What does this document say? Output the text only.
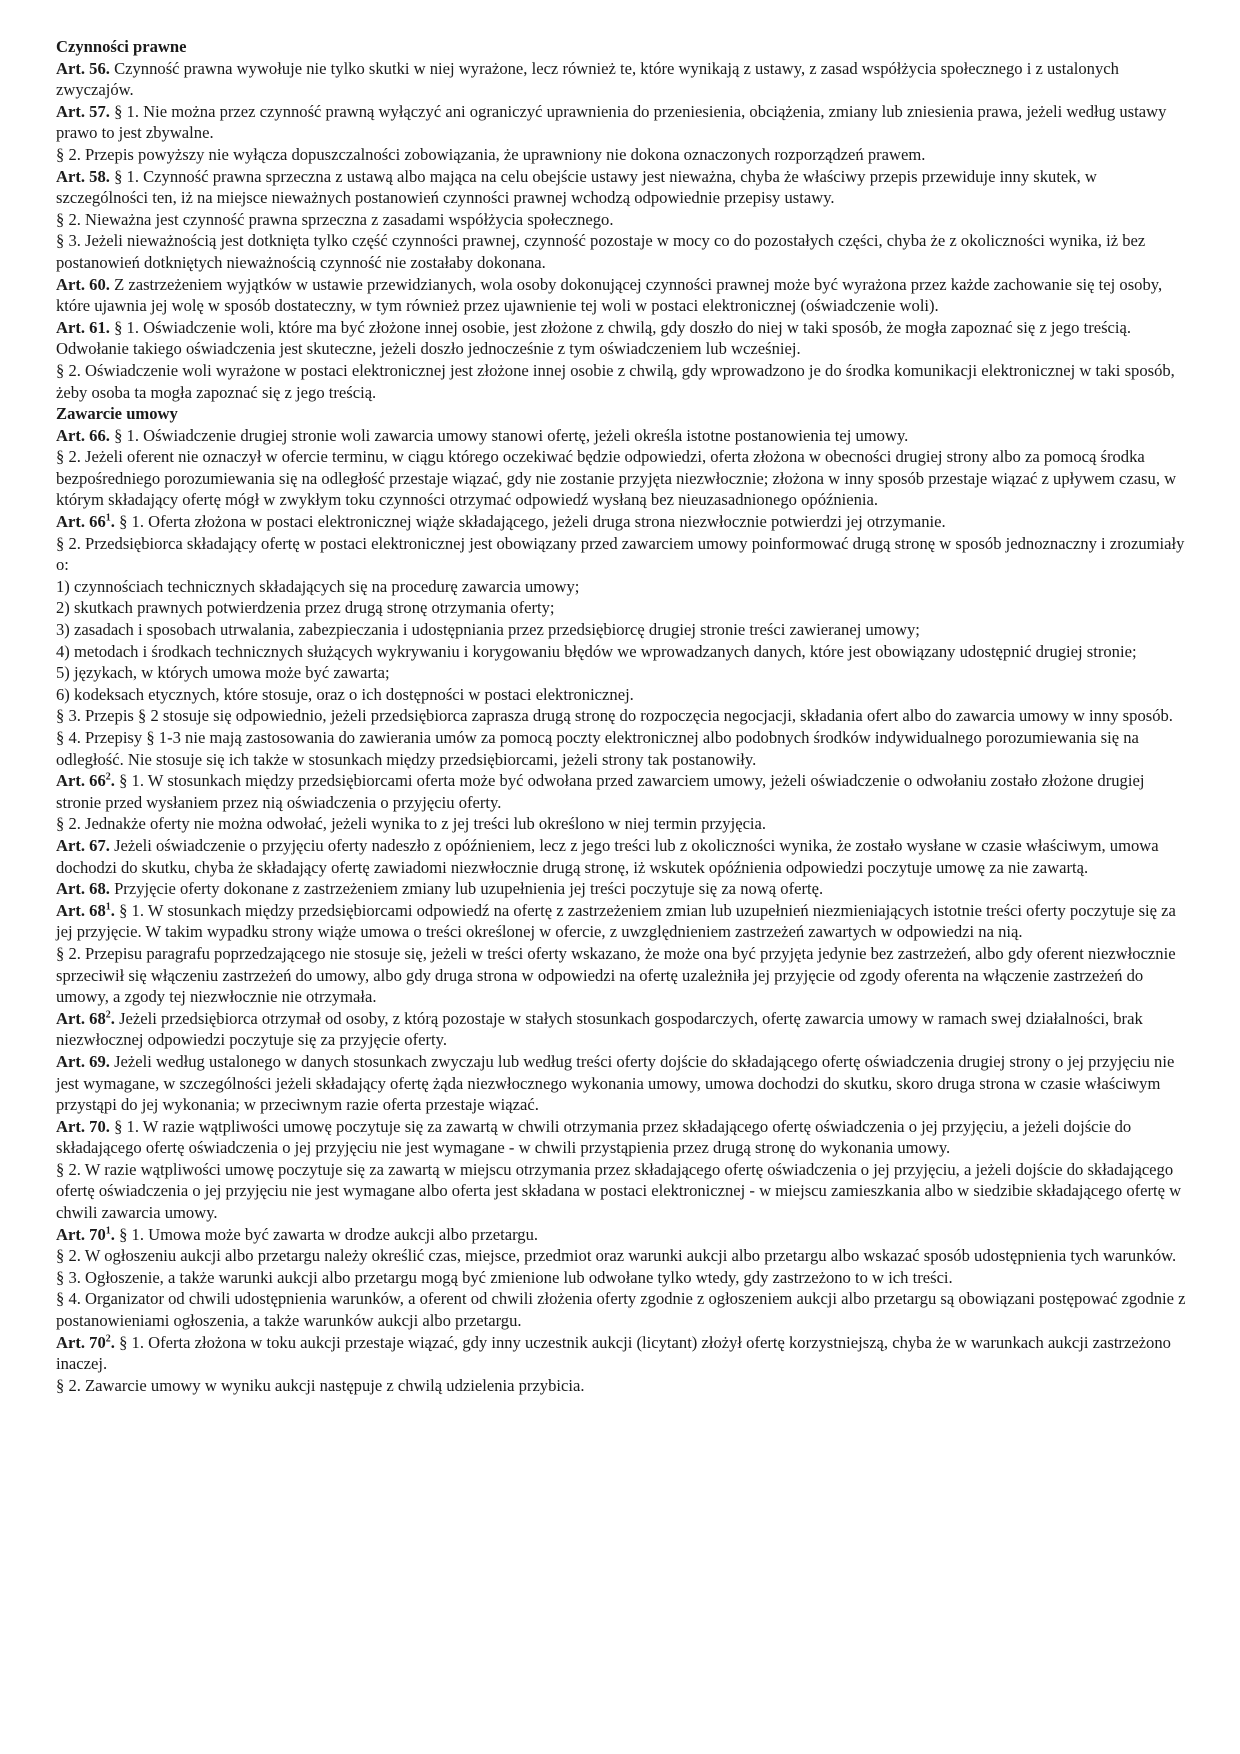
Czynności prawne
Art. 56. Czynność prawna wywołuje nie tylko skutki w niej wyrażone, lecz również te, które wynikają z ustawy, z zasad współżycia społecznego i z ustalonych zwyczajów.
Art. 57. § 1. Nie można przez czynność prawną wyłączyć ani ograniczyć uprawnienia do przeniesienia, obciążenia, zmiany lub zniesienia prawa, jeżeli według ustawy prawo to jest zbywalne.
§ 2. Przepis powyższy nie wyłącza dopuszczalności zobowiązania, że uprawniony nie dokona oznaczonych rozporządzeń prawem.
Art. 58. § 1. Czynność prawna sprzeczna z ustawą albo mająca na celu obejście ustawy jest nieważna, chyba że właściwy przepis przewiduje inny skutek, w szczególności ten, iż na miejsce nieważnych postanowień czynności prawnej wchodzą odpowiednie przepisy ustawy.
§ 2. Nieważna jest czynność prawna sprzeczna z zasadami współżycia społecznego.
§ 3. Jeżeli nieważnością jest dotknięta tylko część czynności prawnej, czynność pozostaje w mocy co do pozostałych części, chyba że z okoliczności wynika, iż bez postanowień dotkniętych nieważnością czynność nie zostałaby dokonana.
Art. 60. Z zastrzeżeniem wyjątków w ustawie przewidzianych, wola osoby dokonującej czynności prawnej może być wyrażona przez każde zachowanie się tej osoby, które ujawnia jej wolę w sposób dostateczny, w tym również przez ujawnienie tej woli w postaci elektronicznej (oświadczenie woli).
Art. 61. § 1. Oświadczenie woli, które ma być złożone innej osobie, jest złożone z chwilą, gdy doszło do niej w taki sposób, że mogła zapoznać się z jego treścią. Odwołanie takiego oświadczenia jest skuteczne, jeżeli doszło jednocześnie z tym oświadczeniem lub wcześniej.
§ 2. Oświadczenie woli wyrażone w postaci elektronicznej jest złożone innej osobie z chwilą, gdy wprowadzono je do środka komunikacji elektronicznej w taki sposób, żeby osoba ta mogła zapoznać się z jego treścią.
Zawarcie umowy
Art. 66. § 1. Oświadczenie drugiej stronie woli zawarcia umowy stanowi ofertę, jeżeli określa istotne postanowienia tej umowy.
§ 2. Jeżeli oferent nie oznaczył w ofercie terminu, w ciągu którego oczekiwać będzie odpowiedzi, oferta złożona w obecności drugiej strony albo za pomocą środka bezpośredniego porozumiewania się na odległość przestaje wiązać, gdy nie zostanie przyjęta niezwłocznie; złożona w inny sposób przestaje wiązać z upływem czasu, w którym składający ofertę mógł w zwykłym toku czynności otrzymać odpowiedź wysłaną bez nieuzasadnionego opóźnienia.
Art. $66^1$. § 1. Oferta złożona w postaci elektronicznej wiąże składającego, jeżeli druga strona niezwłocznie potwierdzi jej otrzymanie.
§ 2. Przedsiębiorca składający ofertę w postaci elektronicznej jest obowiązany przed zawarciem umowy poinformować drugą stronę w sposób jednoznaczny i zrozumiały o:
1) czynnościach technicznych składających się na procedurę zawarcia umowy;
2) skutkach prawnych potwierdzenia przez drugą stronę otrzymania oferty;
3) zasadach i sposobach utrwalania, zabezpieczania i udostępniania przez przedsiębiorcę drugiej stronie treści zawieranej umowy;
4) metodach i środkach technicznych służących wykrywaniu i korygowaniu błędów we wprowadzanych danych, które jest obowiązany udostępnić drugiej stronie;
5) językach, w których umowa może być zawarta;
6) kodeksach etycznych, które stosuje, oraz o ich dostępności w postaci elektronicznej.
§ 3. Przepis § 2 stosuje się odpowiednio, jeżeli przedsiębiorca zaprasza drugą stronę do rozpoczęcia negocjacji, składania ofert albo do zawarcia umowy w inny sposób.
§ 4. Przepisy § 1-3 nie mają zastosowania do zawierania umów za pomocą poczty elektronicznej albo podobnych środków indywidualnego porozumiewania się na odległość. Nie stosuje się ich także w stosunkach między przedsiębiorcami, jeżeli strony tak postanowiły.
Art. $66^2$. § 1. W stosunkach między przedsiębiorcami oferta może być odwołana przed zawarciem umowy, jeżeli oświadczenie o odwołaniu zostało złożone drugiej stronie przed wysłaniem przez nią oświadczenia o przyjęciu oferty.
§ 2. Jednakże oferty nie można odwołać, jeżeli wynika to z jej treści lub określono w niej termin przyjęcia.
Art. 67. Jeżeli oświadczenie o przyjęciu oferty nadeszło z opóźnieniem, lecz z jego treści lub z okoliczności wynika, że zostało wysłane w czasie właściwym, umowa dochodzi do skutku, chyba że składający ofertę zawiadomi niezwłocznie drugą stronę, iż wskutek opóźnienia odpowiedzi poczytuje umowę za nie zawartą.
Art. 68. Przyjęcie oferty dokonane z zastrzeżeniem zmiany lub uzupełnienia jej treści poczytuje się za nową ofertę.
Art. $68^1$. § 1. W stosunkach między przedsiębiorcami odpowiedź na ofertę z zastrzeżeniem zmian lub uzupełnień niezmieniających istotnie treści oferty poczytuje się za jej przyjęcie. W takim wypadku strony wiąże umowa o treści określonej w ofercie, z uwzględnieniem zastrzeżeń zawartych w odpowiedzi na nią.
§ 2. Przepisu paragrafu poprzedzającego nie stosuje się, jeżeli w treści oferty wskazano, że może ona być przyjęta jedynie bez zastrzeżeń, albo gdy oferent niezwłocznie sprzeciwił się włączeniu zastrzeżeń do umowy, albo gdy druga strona w odpowiedzi na ofertę uzależniła jej przyjęcie od zgody oferenta na włączenie zastrzeżeń do umowy, a zgody tej niezwłocznie nie otrzymała.
Art. $68^2$. Jeżeli przedsiębiorca otrzymał od osoby, z którą pozostaje w stałych stosunkach gospodarczych, ofertę zawarcia umowy w ramach swej działalności, brak niezwłocznej odpowiedzi poczytuje się za przyjęcie oferty.
Art. 69. Jeżeli według ustalonego w danych stosunkach zwyczaju lub według treści oferty dojście do składającego ofertę oświadczenia drugiej strony o jej przyjęciu nie jest wymagane, w szczególności jeżeli składający ofertę żąda niezwłocznego wykonania umowy, umowa dochodzi do skutku, skoro druga strona w czasie właściwym przystąpi do jej wykonania; w przeciwnym razie oferta przestaje wiązać.
Art. 70. § 1. W razie wątpliwości umowę poczytuje się za zawartą w chwili otrzymania przez składającego ofertę oświadczenia o jej przyjęciu, a jeżeli dojście do składającego ofertę oświadczenia o jej przyjęciu nie jest wymagane - w chwili przystąpienia przez drugą stronę do wykonania umowy.
§ 2. W razie wątpliwości umowę poczytuje się za zawartą w miejscu otrzymania przez składającego ofertę oświadczenia o jej przyjęciu, a jeżeli dojście do składającego ofertę oświadczenia o jej przyjęciu nie jest wymagane albo oferta jest składana w postaci elektronicznej - w miejscu zamieszkania albo w siedzibie składającego ofertę w chwili zawarcia umowy.
Art. $70^1$. § 1. Umowa może być zawarta w drodze aukcji albo przetargu.
§ 2. W ogłoszeniu aukcji albo przetargu należy określić czas, miejsce, przedmiot oraz warunki aukcji albo przetargu albo wskazać sposób udostępnienia tych warunków.
§ 3. Ogłoszenie, a także warunki aukcji albo przetargu mogą być zmienione lub odwołane tylko wtedy, gdy zastrzeżono to w ich treści.
§ 4. Organizator od chwili udostępnienia warunków, a oferent od chwili złożenia oferty zgodnie z ogłoszeniem aukcji albo przetargu są obowiązani postępować zgodnie z postanowieniami ogłoszenia, a także warunków aukcji albo przetargu.
Art. $70^2$. § 1. Oferta złożona w toku aukcji przestaje wiązać, gdy inny uczestnik aukcji (licytant) złożył ofertę korzystniejszą, chyba że w warunkach aukcji zastrzeżono inaczej.
§ 2. Zawarcie umowy w wyniku aukcji następuje z chwilą udzielenia przybicia.
